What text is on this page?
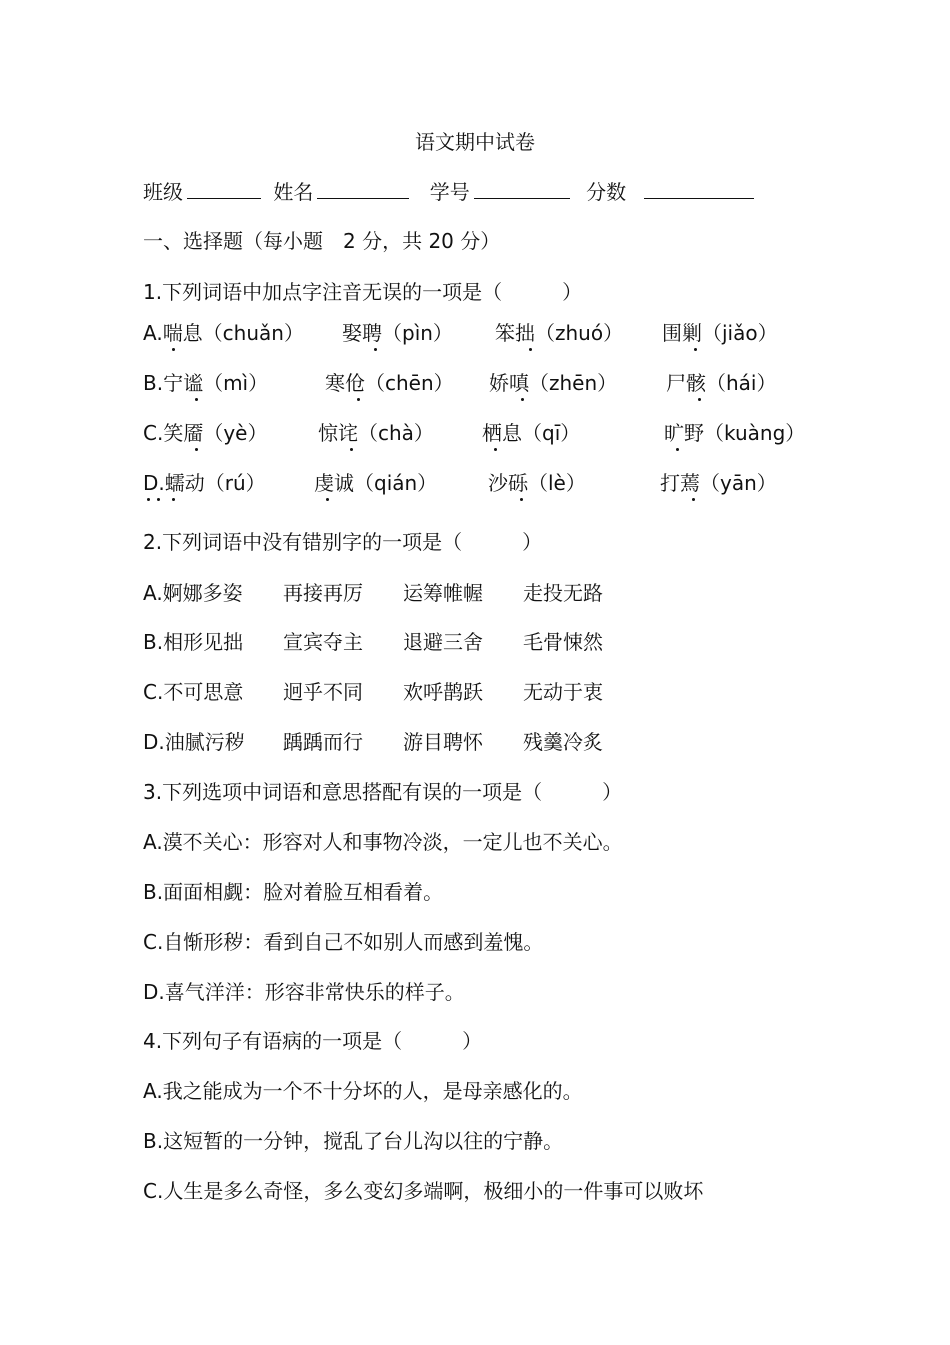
语文期中试卷
班级	姓名	学号	分数
一、选择题（每小题　2 分，共 20 分）
1.下列词语中加点字注音无误的一项是（　　　）
A.喘息（chuǎn） 娶聘（pìn） 笨拙（zhuó） 围剿（jiǎo）
B.宁谧（mì）	寒伧（chēn） 娇嗔（zhēn） 尸骸（hái）
C.笑靥（yè）	惊诧（chà） 栖息（qī）	旷野（kuàng）
D.蠕动（rú） 虔诚（qián）	沙砾（lè）	打蔫（yān）
2.下列词语中没有错别字的一项是（　　　）
A.婀娜多姿 再接再厉 运筹帷幄 走投无路
B.相形见拙 宣宾夺主 退避三舍 毛骨悚然
C.不可思意 迥乎不同 欢呼鹊跃 无动于衷
D.油腻污秽 踽踽而行 游目聘怀 残羹冷炙
3.下列选项中词语和意思搭配有误的一项是（　　　）
A.漠不关心：形容对人和事物冷淡，一定儿也不关心。
B.面面相觑：脸对着脸互相看着。
C.自惭形秽：看到自己不如别人而感到羞愧。
D.喜气洋洋：形容非常快乐的样子。
4.下列句子有语病的一项是（　　　）
A.我之能成为一个不十分坏的人，是母亲感化的。
B.这短暂的一分钟，搅乱了台儿沟以往的宁静。
C.人生是多么奇怪，多么变幻多端啊，极细小的一件事可以败坏
